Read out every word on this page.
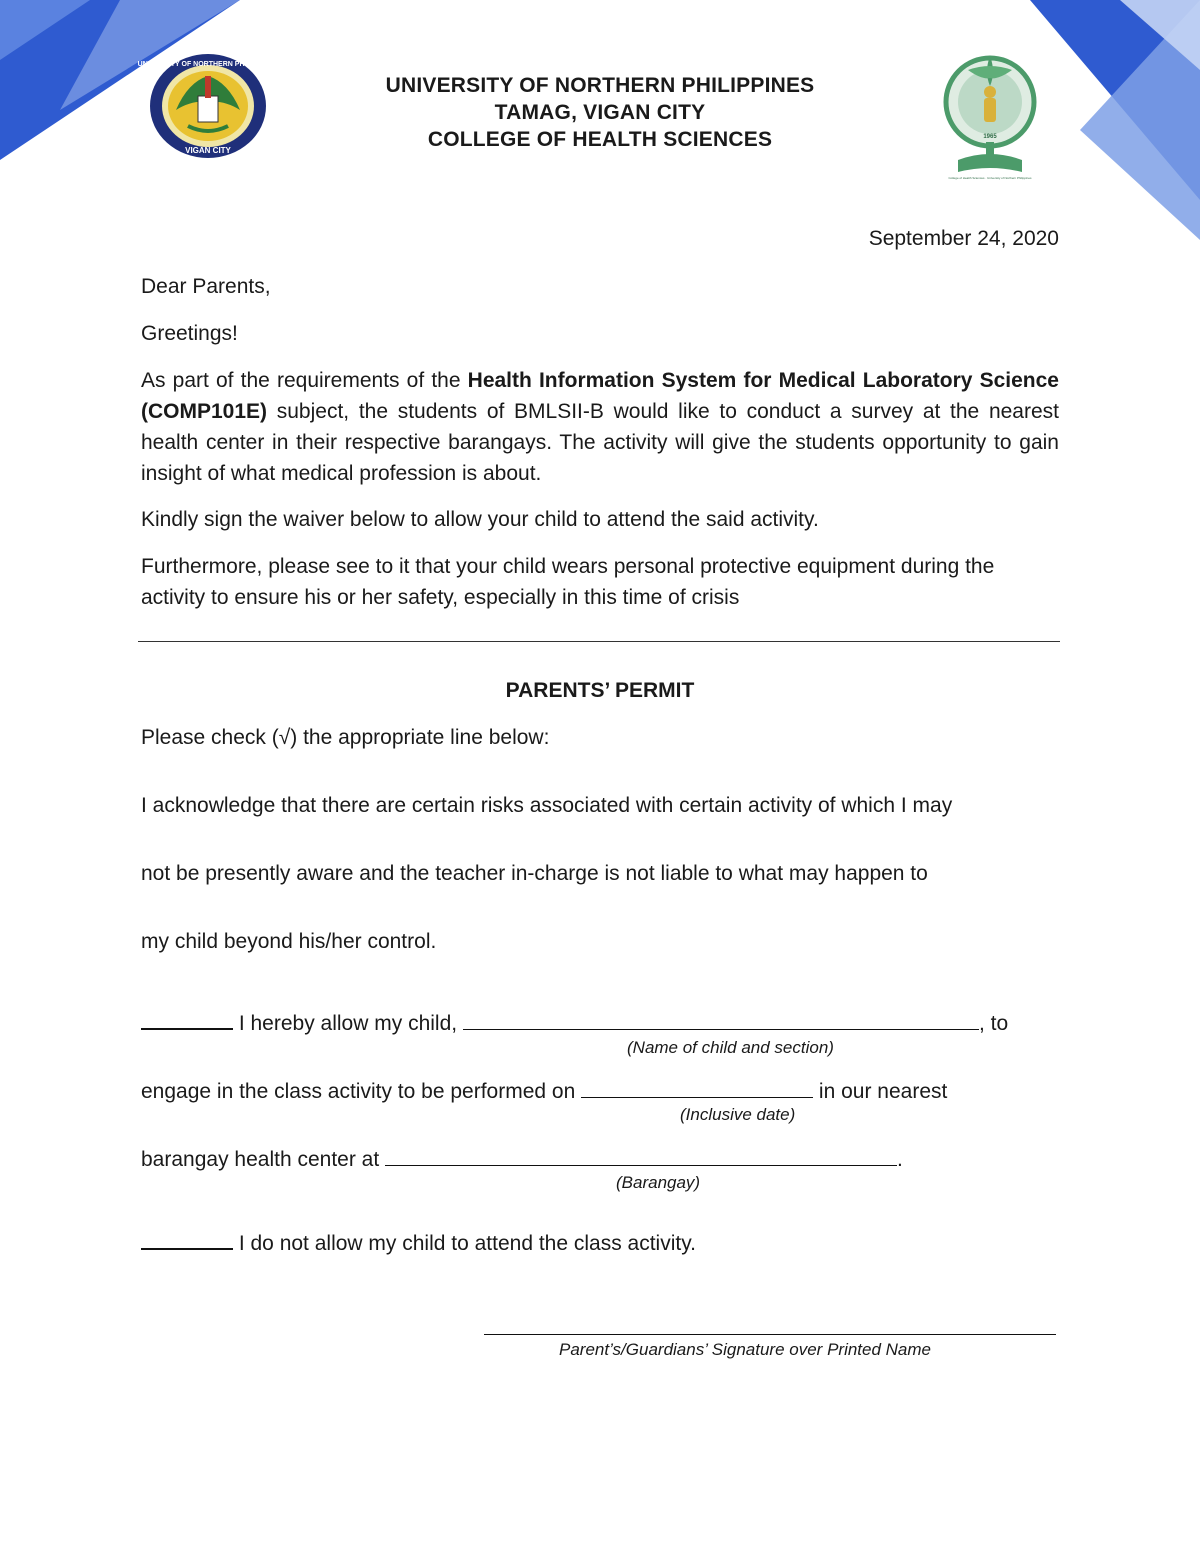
UNIVERSITY OF NORTHERN PHILIPPINES
VIGAN CITY
1965
College of Health Sciences · University of Northern Philippines
UNIVERSITY OF NORTHERN PHILIPPINES
TAMAG, VIGAN CITY
COLLEGE OF HEALTH SCIENCES

September 24, 2020

Dear Parents,

Greetings!

As part of the requirements of the Health Information System for Medical Laboratory Science (COMP101E) subject, the students of BMLSII-B would like to conduct a survey at the nearest health center in their respective barangays. The activity will give the students opportunity to gain insight of what medical profession is about.

Kindly sign the waiver below to allow your child to attend the said activity.

Furthermore, please see to it that your child wears personal protective equipment during the activity to ensure his or her safety, especially in this time of crisis

PARENTS’ PERMIT

Please check (√) the appropriate line below:

I acknowledge that there are certain risks associated with certain activity of which I may

not be presently aware and the teacher in-charge is not liable to what may happen to

my child beyond his/her control.

I hereby allow my child,	, to

(Name of child and section)

engage in the class activity to be performed on	in our nearest

(Inclusive date)

barangay health center at	.

(Barangay)

I do not allow my child to attend the class activity.

Parent’s/Guardians’ Signature over Printed Name
